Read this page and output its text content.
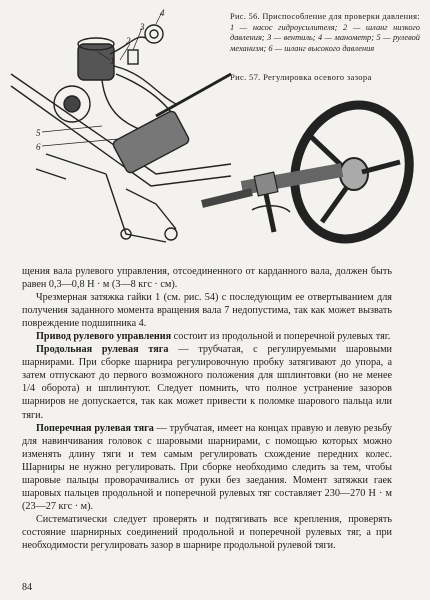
4
3
2
1
5
6
Рис. 56. Приспособление для проверки давления:
1 — насос гидроусилителя; 2 — шланг низкого давления; 3 — вентиль; 4 — манометр; 5 — рулевой механизм; 6 — шланг высокого давления
Рис. 57. Регулировка осевого зазора

щения вала рулевого управления, отсоединенного от карданного вала, должен быть равен 0,3—0,8 Н · м (3—8 кгс · см).

Чрезмерная затяжка гайки 1 (см. рис. 54) с последующим ее отвертыванием для получения заданного момента вращения вала 7 недопустима, так как может вызвать повреждение подшипника 4.

Привод рулевого управления состоит из продольной и поперечной рулевых тяг.

Продольная рулевая тяга — трубчатая, с регулируемыми шаровыми шарнирами. При сборке шарнира регулировочную пробку затягивают до упора, а затем отпускают до первого возможного положения для шплинтовки (но не менее 1/4 оборота) и шплинтуют. Следует помнить, что полное устранение зазоров шарниров не допускается, так как может привести к поломке шарового пальца или тяги.

Поперечная рулевая тяга — трубчатая, имеет на концах правую и левую резьбу для навинчивания головок с шаровыми шарнирами, с помощью которых можно изменять длину тяги и тем самым регулировать схождение передних колес. Шарниры не нужно регулировать. При сборке необходимо следить за тем, чтобы шаровые пальцы проворачивались от руки без заедания. Момент затяжки гаек шаровых пальцев продольной и поперечной рулевых тяг составляет 230—270 Н · м (23—27 кгс · м).

Систематически следует проверять и подтягивать все крепления, проверять состояние шарнирных соединений продольной и поперечной рулевых тяг, а при необходимости регулировать зазор в шарнире продольной рулевой тяги.

84
